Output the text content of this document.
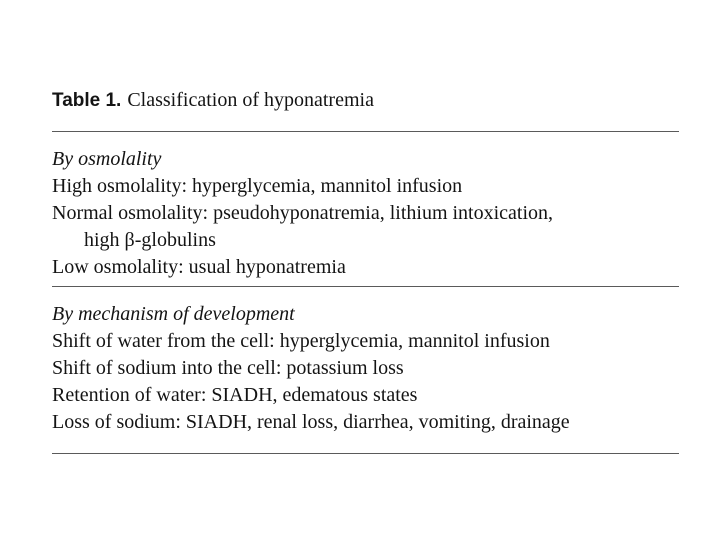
Table 1. Classification of hyponatremia

By osmolality
High osmolality: hyperglycemia, mannitol infusion
Normal osmolality: pseudohyponatremia, lithium intoxication,
high β-globulins
Low osmolality: usual hyponatremia
By mechanism of development
Shift of water from the cell: hyperglycemia, mannitol infusion
Shift of sodium into the cell: potassium loss
Retention of water: SIADH, edematous states
Loss of sodium: SIADH, renal loss, diarrhea, vomiting, drainage
